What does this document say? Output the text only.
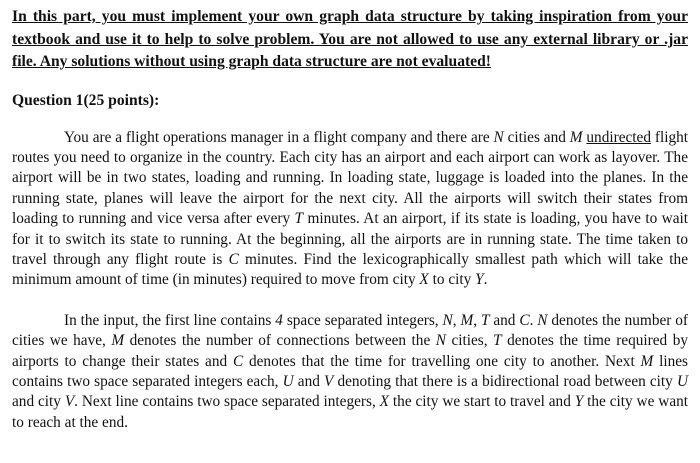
In this part, you must implement your own graph data structure by taking inspiration from your textbook and use it to help to solve problem. You are not allowed to use any external library or .jar file. Any solutions without using graph data structure are not evaluated!

Question 1(25 points):

You are a flight operations manager in a flight company and there are N cities and M undirected flight routes you need to organize in the country. Each city has an airport and each airport can work as layover. The airport will be in two states, loading and running. In loading state, luggage is loaded into the planes. In the running state, planes will leave the airport for the next city. All the airports will switch their states from loading to running and vice versa after every T minutes. At an airport, if its state is loading, you have to wait for it to switch its state to running. At the beginning, all the airports are in running state. The time taken to travel through any flight route is C minutes. Find the lexicographically smallest path which will take the minimum amount of time (in minutes) required to move from city X to city Y.

In the input, the first line contains 4 space separated integers, N, M, T and C. N denotes the number of cities we have, M denotes the number of connections between the N cities, T denotes the time required by airports to change their states and C denotes that the time for travelling one city to another. Next M lines contains two space separated integers each, U and V denoting that there is a bidirectional road between city U and city V. Next line contains two space separated integers, X the city we start to travel and Y the city we want to reach at the end.
